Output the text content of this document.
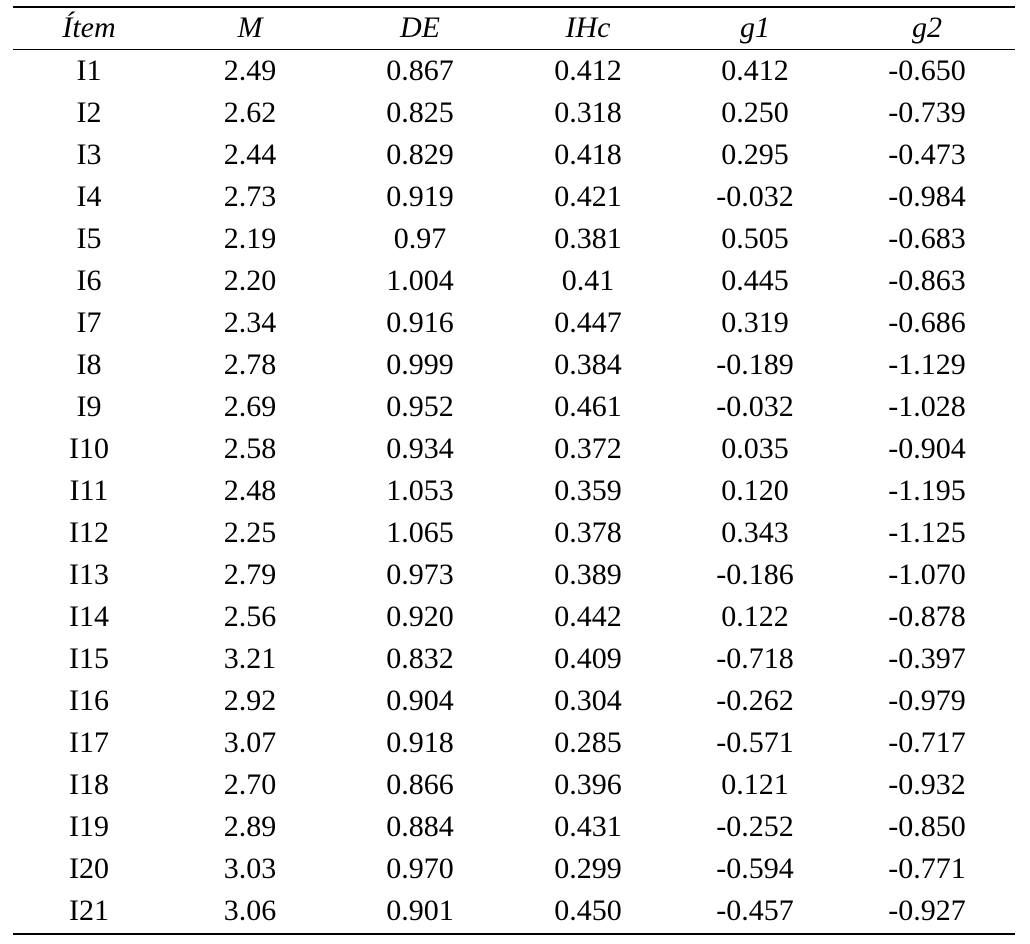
Ítem	M	DE	IHc	g1	g2
I1	2.49	0.867	0.412	0.412	-0.650
I2	2.62	0.825	0.318	0.250	-0.739
I3	2.44	0.829	0.418	0.295	-0.473
I4	2.73	0.919	0.421	-0.032	-0.984
I5	2.19	0.97	0.381	0.505	-0.683
I6	2.20	1.004	0.41	0.445	-0.863
I7	2.34	0.916	0.447	0.319	-0.686
I8	2.78	0.999	0.384	-0.189	-1.129
I9	2.69	0.952	0.461	-0.032	-1.028
I10	2.58	0.934	0.372	0.035	-0.904
I11	2.48	1.053	0.359	0.120	-1.195
I12	2.25	1.065	0.378	0.343	-1.125
I13	2.79	0.973	0.389	-0.186	-1.070
I14	2.56	0.920	0.442	0.122	-0.878
I15	3.21	0.832	0.409	-0.718	-0.397
I16	2.92	0.904	0.304	-0.262	-0.979
I17	3.07	0.918	0.285	-0.571	-0.717
I18	2.70	0.866	0.396	0.121	-0.932
I19	2.89	0.884	0.431	-0.252	-0.850
I20	3.03	0.970	0.299	-0.594	-0.771
I21	3.06	0.901	0.450	-0.457	-0.927
